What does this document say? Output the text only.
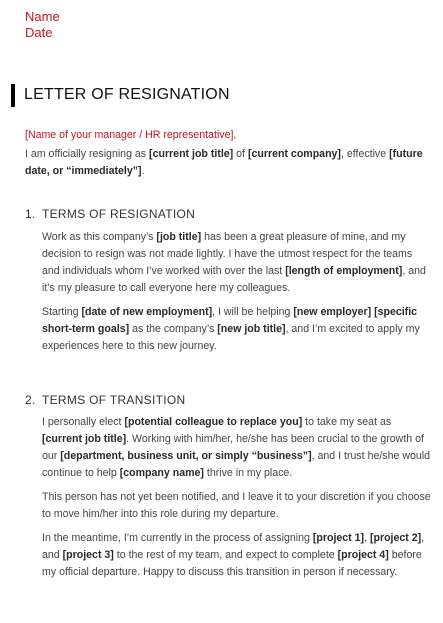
Name
Date
LETTER OF RESIGNATION
[Name of your manager / HR representative],
I am officially resigning as [current job title] of [current company], effective [future date, or “immediately”].
1. TERMS OF RESIGNATION
Work as this company’s [job title] has been a great pleasure of mine, and my decision to resign was not made lightly. I have the utmost respect for the teams and individuals whom I’ve worked with over the last [length of employment], and it’s my pleasure to call everyone here my colleagues.
Starting [date of new employment], I will be helping [new employer] [specific short-term goals] as the company’s [new job title], and I’m excited to apply my experiences here to this new journey.
2. TERMS OF TRANSITION
I personally elect [potential colleague to replace you] to take my seat as [current job title]. Working with him/her, he/she has been crucial to the growth of our [department, business unit, or simply “business”], and I trust he/she would continue to help [company name] thrive in my place.
This person has not yet been notified, and I leave it to your discretion if you choose to move him/her into this role during my departure.
In the meantime, I’m currently in the process of assigning [project 1], [project 2], and [project 3] to the rest of my team, and expect to complete [project 4] before my official departure. Happy to discuss this transition in person if necessary.
